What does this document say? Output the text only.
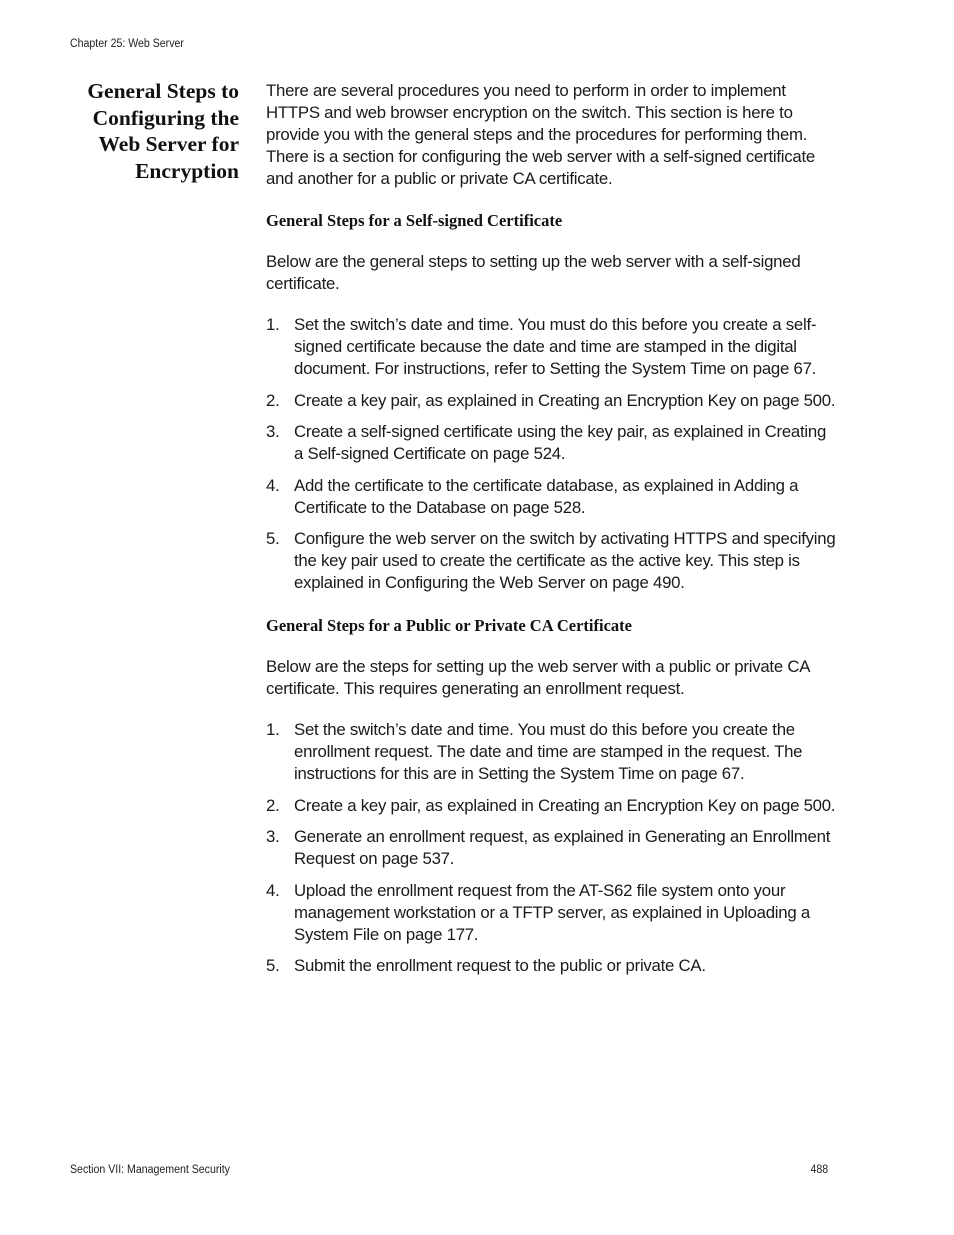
Chapter 25: Web Server
General Steps to
Configuring the
Web Server for
Encryption

There are several procedures you need to perform in order to implement HTTPS and web browser encryption on the switch. This section is here to provide you with the general steps and the procedures for performing them. There is a section for configuring the web server with a self-signed certificate and another for a public or private CA certificate.

General Steps for a Self-signed Certificate

Below are the general steps to setting up the web server with a self-signed certificate.

1. Set the switch’s date and time. You must do this before you create a self-signed certificate because the date and time are stamped in the digital document. For instructions, refer to Setting the System Time on page 67.
2. Create a key pair, as explained in Creating an Encryption Key on page 500.
3. Create a self-signed certificate using the key pair, as explained in Creating a Self-signed Certificate on page 524.
4. Add the certificate to the certificate database, as explained in Adding a Certificate to the Database on page 528.
5. Configure the web server on the switch by activating HTTPS and specifying the key pair used to create the certificate as the active key. This step is explained in Configuring the Web Server on page 490.
General Steps for a Public or Private CA Certificate

Below are the steps for setting up the web server with a public or private CA certificate. This requires generating an enrollment request.

1. Set the switch’s date and time. You must do this before you create the enrollment request. The date and time are stamped in the request. The instructions for this are in Setting the System Time on page 67.
2. Create a key pair, as explained in Creating an Encryption Key on page 500.
3. Generate an enrollment request, as explained in Generating an Enrollment Request on page 537.
4. Upload the enrollment request from the AT-S62 file system onto your management workstation or a TFTP server, as explained in Uploading a System File on page 177.
5. Submit the enrollment request to the public or private CA.
Section VII: Management Security	488
